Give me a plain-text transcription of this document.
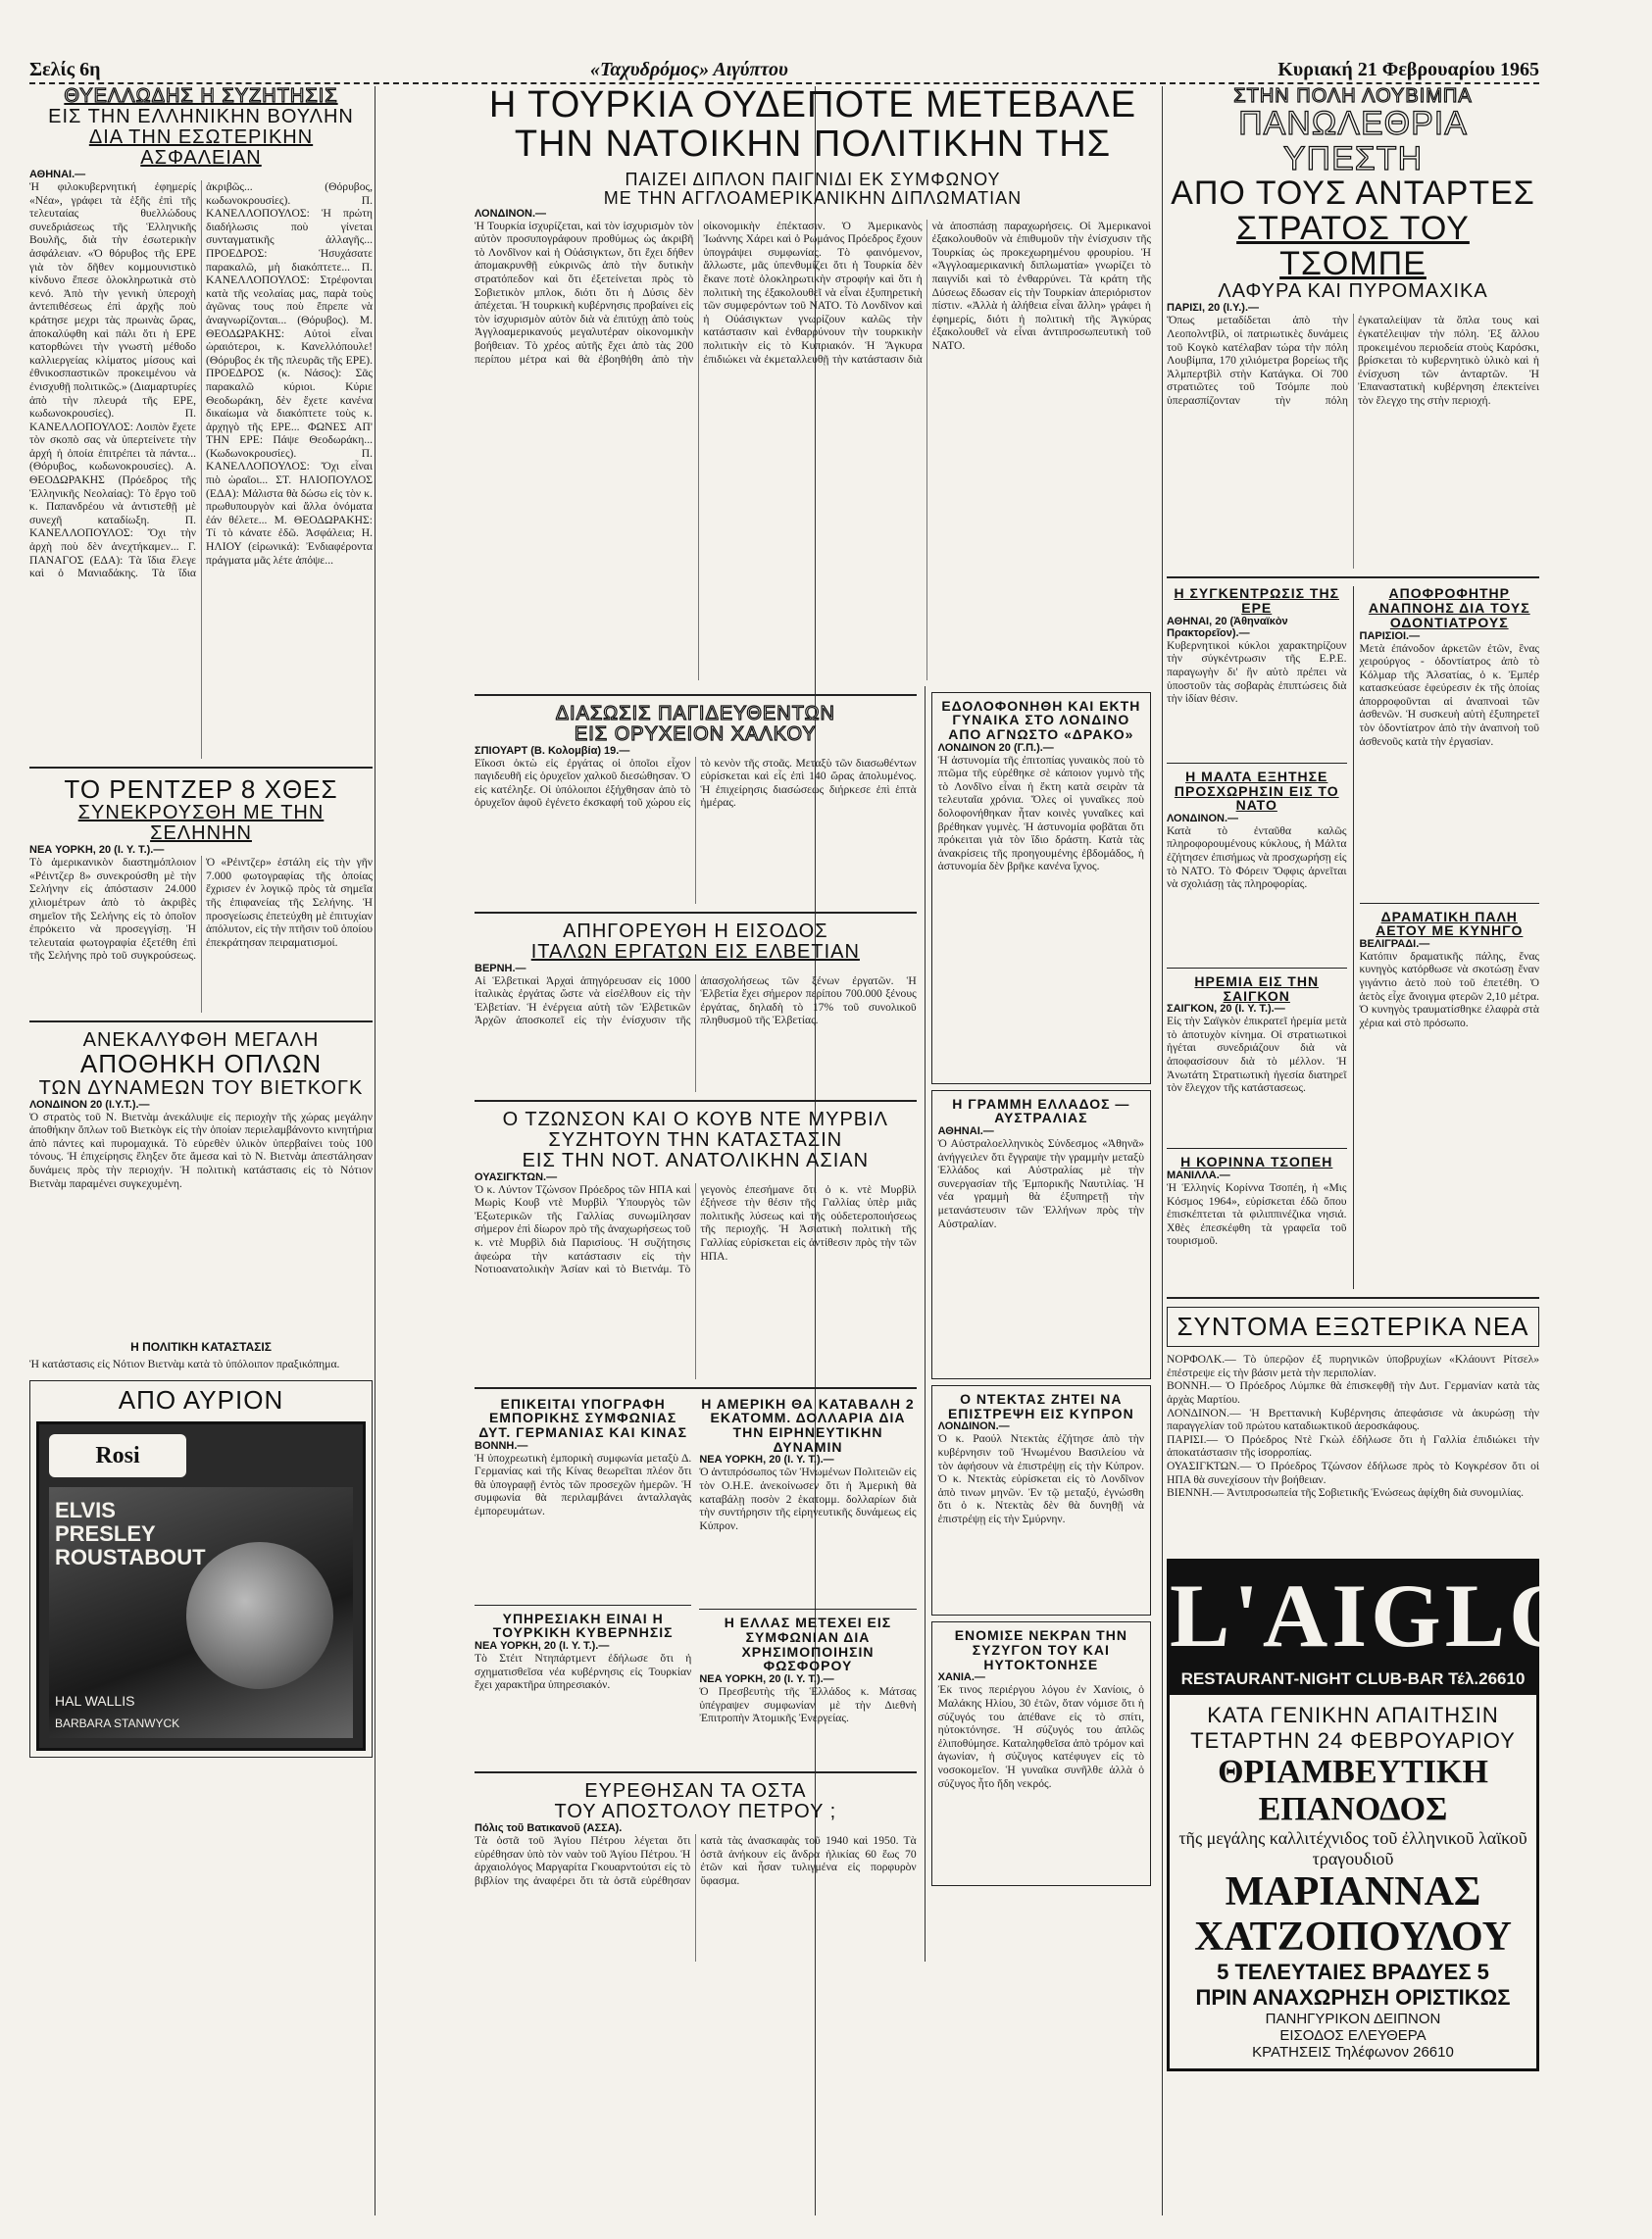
Σελίς 6η	«Ταχυδρόμος» Αιγύπτου	Κυριακή 21 Φεβρουαρίου 1965
ΘΥΕΛΛΩΔΗΣ Η ΣΥΖΗΤΗΣΙΣ
ΕΙΣ ΤΗΝ ΕΛΛΗΝΙΚΗΝ ΒΟΥΛΗΝ
ΔΙΑ ΤΗΝ ΕΣΩΤΕΡΙΚΗΝ ΑΣΦΑΛΕΙΑΝ
ΑΘΗΝΑΙ.—
Ἡ φιλοκυβερνητική ἐφημερίς «Νέα», γράφει τὰ ἑξῆς ἐπὶ τῆς τελευταίας θυελλώδους συνεδριάσεως τῆς Ἑλληνικῆς Βουλῆς, διὰ τὴν ἐσωτερικὴν ἀσφάλειαν. «Ὁ θόρυβος τῆς ΕΡΕ γιὰ τὸν δῆθεν κομμουνιστικὸ κίνδυνο ἔπεσε ὁλοκληρωτικὰ στὸ κενό. Ἀπὸ τὴν γενικὴ ὑπεροχὴ ἀντεπιθέσεως ἐπὶ ἀρχῆς ποὺ κράτησε μεχρι τὰς πρωινὰς ὥρας, ἀποκαλύφθη καὶ πάλι ὅτι ἡ ΕΡΕ κατορθώνει τὴν γνωστὴ μέθοδο καλλιεργείας κλίματος μίσους καὶ ἐθνικοσπαστικῶν προκειμένου νὰ ἐνισχυθῇ πολιτικῶς.» (Διαμαρτυρίες ἀπὸ τὴν πλευρά τῆς ΕΡΕ, κωδωνοκρουσίες). Π. ΚΑΝΕΛΛΟΠΟΥΛΟΣ: Λοιπὸν ἔχετε τὸν σκοπὸ σας νὰ ὑπερτείνετε τὴν ἀρχή ἡ ὁποία ἐπιτρέπει τὰ πάντα... (Θόρυβος, κωδωνοκρουσίες). Α. ΘΕΟΔΩΡΑΚΗΣ (Πρόεδρος τῆς Ἑλληνικῆς Νεολαίας): Τὸ ἔργο τοῦ κ. Παπανδρέου νὰ ἀντιστεθῇ μὲ συνεχῆ καταδίωξη. Π. ΚΑΝΕΛΛΟΠΟΥΛΟΣ: Ὄχι τὴν ἀρχὴ ποὺ δὲν ἀνεχτήκαμεν... Γ. ΠΑΝΑΓΟΣ (ΕΔΑ): Τὰ ἴδια ἔλεγε καὶ ὁ Μανιαδάκης. Τὰ ἴδια ἀκριβῶς... (Θόρυβος, κωδωνοκρουσίες). Π. ΚΑΝΕΛΛΟΠΟΥΛΟΣ: Ἡ πρώτη διαδήλωσις ποὺ γίνεται συνταγματικῆς ἀλλαγῆς... ΠΡΟΕΔΡΟΣ: Ἡσυχάσατε παρακαλῶ, μὴ διακόπτετε... Π. ΚΑΝΕΛΛΟΠΟΥΛΟΣ: Στρέφονται κατὰ τῆς νεολαίας μας, παρὰ τοὺς ἀγῶνας τους ποὺ ἔπρεπε νὰ ἀναγνωρίζονται... (Θόρυβος). Μ. ΘΕΟΔΩΡΑΚΗΣ: Αὐτοὶ εἶναι ὡραιότεροι, κ. Κανελλόπουλε! (Θόρυβος ἐκ τῆς πλευρᾶς τῆς ΕΡΕ). ΠΡΟΕΔΡΟΣ (κ. Νάσος): Σᾶς παρακαλῶ κύριοι. Κύριε Θεοδωράκη, δὲν ἔχετε κανένα δικαίωμα νὰ διακόπτετε τοὺς κ. ἀρχηγὸ τῆς ΕΡΕ... ΦΩΝΕΣ ΑΠ' ΤΗΝ ΕΡΕ: Πάψε Θεοδωράκη... (Κωδωνοκρουσίες). Π. ΚΑΝΕΛΛΟΠΟΥΛΟΣ: Ὄχι εἶναι πιὸ ὡραῖοι... ΣΤ. ΗΛΙΟΠΟΥΛΟΣ (ΕΔΑ): Μάλιστα θὰ δώσω εἰς τὸν κ. πρωθυπουργὸν καὶ ἄλλα ὀνόματα ἐάν θέλετε... Μ. ΘΕΟΔΩΡΑΚΗΣ: Τί τὸ κάνατε ἐδῶ. Ἀσφάλεια; Η. ΗΛΙΟΥ (εἰρωνικά): Ἐνδιαφέροντα πράγματα μᾶς λέτε ἀπόψε...
ΤΟ ΡΕΝΤΖΕΡ 8 ΧΘΕΣ
ΣΥΝΕΚΡΟΥΣΘΗ ΜΕ ΤΗΝ ΣΕΛΗΝΗΝ
ΝΕΑ ΥΟΡΚΗ, 20 (Ι. Υ. Τ.).—
Τὸ ἀμερικανικὸν διαστημόπλοιον «Ρέιντζερ 8» συνεκρούσθη μὲ τὴν Σελήνην εἰς ἀπόστασιν 24.000 χιλιομέτρων ἀπὸ τὸ ἀκριβὲς σημεῖον τῆς Σελήνης εἰς τὸ ὁποῖον ἐπρόκειτο νὰ προσεγγίσῃ. Ἡ τελευταία φωτογραφία ἐξετέθη ἐπὶ τῆς Σελήνης πρὸ τοῦ συγκρούσεως. Ὁ «Ρέιντζερ» ἐστάλη εἰς τὴν γῆν 7.000 φωτογραφίας τῆς ὁποίας ἔχρισεν ἐν λογικῷ πρὸς τὰ σημεῖα τῆς ἐπιφανείας τῆς Σελήνης. Ἡ προσγείωσις ἐπετεύχθη μὲ ἐπιτυχίαν ἀπόλυτον, εἰς τὴν πτῆσιν τοῦ ὁποίου ἐπεκράτησαν πειραματισμοί.
ΑΝΕΚΑΛΥΦΘΗ ΜΕΓΑΛΗ
ΑΠΟΘΗΚΗ ΟΠΛΩΝ
ΤΩΝ ΔΥΝΑΜΕΩΝ ΤΟΥ ΒΙΕΤΚΟΓΚ
ΛΟΝΔΙΝΟΝ 20 (Ι.Υ.Τ.).—
Ὁ στρατὸς τοῦ Ν. Βιετνὰμ ἀνεκάλυψε εἰς περιοχὴν τῆς χώρας μεγάλην ἀποθήκην ὅπλων τοῦ Βιετκὸγκ εἰς τὴν ὁποίαν περιελαμβάνοντο κινητήρια ἀπὸ πάντες καὶ πυρομαχικά. Τὸ εὑρεθὲν ὑλικὸν ὑπερβαίνει τοὺς 100 τόνους. Ἡ ἐπιχείρησις ἔληξεν ὅτε ἄμεσα καὶ τὸ Ν. Βιετνὰμ ἀπεστάλησαν δυνάμεις πρὸς τὴν περιοχήν. Ἡ πολιτικὴ κατάστασις εἰς τὸ Νότιον Βιετνὰμ παραμένει συγκεχυμένη.
Η ΠΟΛΙΤΙΚΗ ΚΑΤΑΣΤΑΣΙΣ
Ἡ κατάστασις εἰς Νότιον Βιετνὰμ κατὰ τὸ ὑπόλοιπον πραξικόπημα.
ΑΠΟ ΑΥΡΙΟΝ
Rosi
ELVIS
PRESLEY
ROUSTABOUT
HAL WALLIS
BARBARA STANWYCK
Η ΤΟΥΡΚΙΑ ΟΥΔΕΠΟΤΕ ΜΕΤΕΒΑΛΕ
ΤΗΝ ΝΑΤΟΙΚΗΝ ΠΟΛΙΤΙΚΗΝ ΤΗΣ
ΠΑΙΖΕΙ ΔΙΠΛΟΝ ΠΑΙΓΝΙΔΙ ΕΚ ΣΥΜΦΩΝΟΥ
ΜΕ ΤΗΝ ΑΓΓΛΟΑΜΕΡΙΚΑΝΙΚΗΝ ΔΙΠΛΩΜΑΤΙΑΝ
ΛΟΝΔΙΝΟΝ.—
Ἡ Τουρκία ἰσχυρίζεται, καὶ τὸν ἰσχυρισμὸν τὸν αὐτὸν προσυπογράφουν προθύμως ὡς ἀκριβῆ τὸ Λονδῖνον καὶ ἡ Οὐάσιγκτων, ὅτι ἔχει δήθεν ἀπομακρυνθῇ εὐκρινῶς ἀπὸ τὴν δυτικὴν στρατόπεδον καὶ ὅτι ἐξετείνεται πρὸς τὸ Σοβιετικὸν μπλοκ, διότι ὅτι ἡ Δύσις δὲν ἀπέχεται. Ἡ τουρκικὴ κυβέρνησις προβαίνει εἰς τὸν ἰσχυρισμὸν αὐτὸν διὰ νὰ ἐπιτύχῃ ἀπὸ τοὺς Ἀγγλοαμερικανούς μεγαλυτέραν οἰκονομικὴν βοήθειαν. Τὸ χρέος αὐτῆς ἔχει ἀπὸ τὰς 200 περίπου μέτρα καὶ θὰ ἐβοηθήθη ἀπὸ τὴν οἰκονομικὴν ἐπέκτασιν. Ὁ Ἀμερικανὸς Ἰωάννης Χάρει καὶ ὁ Ρωμάνος Πρόεδρος ἔχουν ὑπογράψει συμφωνίας. Τὸ φαινόμενον, ἄλλωστε, μᾶς ὑπενθυμίζει ὅτι ἡ Τουρκία δὲν ἔκανε ποτὲ ὁλοκληρωτικὴν στροφήν καὶ ὅτι ἡ πολιτικὴ της ἐξακολουθεῖ νὰ εἶναι ἐξυπηρετικὴ τῶν συμφερόντων τοῦ ΝΑΤΟ. Τὸ Λονδῖνον καὶ ἡ Οὐάσιγκτων γνωρίζουν καλῶς τὴν κατάστασιν καὶ ἐνθαρρύνουν τὴν τουρκικὴν πολιτικὴν εἰς τὸ Κυπριακόν. Ἡ Ἄγκυρα ἐπιδιώκει νὰ ἐκμεταλλευθῇ τὴν κατάστασιν διὰ νὰ ἀποσπάσῃ παραχωρήσεις. Οἱ Ἀμερικανοὶ ἐξακολουθοῦν νὰ ἐπιθυμοῦν τὴν ἐνίσχυσιν τῆς Τουρκίας ὡς προκεχωρημένου φρουρίου. Ἡ «Ἀγγλοαμερικανικὴ διπλωματία» γνωρίζει τὸ παιγνίδι καὶ τὸ ἐνθαρρύνει. Τὰ κράτη τῆς Δύσεως ἔδωσαν εἰς τὴν Τουρκίαν ἀπεριόριστον πίστιν. «Ἀλλὰ ἡ ἀλήθεια εἶναι ἄλλη» γράφει ἡ ἐφημερίς, διότι ἡ πολιτικὴ τῆς Ἀγκύρας ἐξακολουθεῖ νὰ εἶναι ἀντιπροσωπευτικὴ τοῦ ΝΑΤΟ.
ΔΙΑΣΩΣΙΣ ΠΑΓΙΔΕΥΘΕΝΤΩΝ
ΕΙΣ ΟΡΥΧΕΙΟΝ ΧΑΛΚΟΥ
ΣΠΙΟΥΑΡΤ (Β. Κολομβία) 19.—
Εἴκοσι ὀκτὼ εἰς ἐργάτας οἱ ὁποῖοι εἶχον παγιδευθῆ εἰς ὀρυχεῖον χαλκοῦ διεσώθησαν. Ὁ εἰς κατέληξε. Οἱ ὑπόλοιποι ἐξήχθησαν ἀπὸ τὸ ὀρυχεῖον ἀφοῦ ἐγένετο ἐκσκαφή τοῦ χώρου εἰς τὸ κενὸν τῆς στοᾶς. Μεταξὺ τῶν διασωθέντων εὑρίσκεται καὶ εἷς ἐπὶ 140 ὥρας ἀπολυμένος. Ἡ ἐπιχείρησις διασώσεως διήρκεσε ἐπὶ ἑπτὰ ἡμέρας.
ΑΠΗΓΟΡΕΥΘΗ Η ΕΙΣΟΔΟΣ
ΙΤΑΛΩΝ ΕΡΓΑΤΩΝ ΕΙΣ ΕΛΒΕΤΙΑΝ
ΒΕΡΝΗ.—
Αἱ Ἑλβετικαὶ Ἀρχαὶ ἀπηγόρευσαν εἰς 1000 ἰταλικὰς ἐργάτας ὥστε νὰ εἰσέλθουν εἰς τὴν Ἑλβετίαν. Ἡ ἐνέργεια αὐτὴ τῶν Ἑλβετικῶν Ἀρχῶν ἀποσκοπεῖ εἰς τὴν ἐνίσχυσιν τῆς ἀπασχολήσεως τῶν ξένων ἐργατῶν. Ἡ Ἑλβετία ἔχει σήμερον περίπου 700.000 ξένους ἐργάτας, δηλαδὴ τὸ 17% τοῦ συνολικοῦ πληθυσμοῦ τῆς Ἑλβετίας.
Ο ΤΖΩΝΣΟΝ ΚΑΙ Ο ΚΟΥΒ ΝΤΕ ΜΥΡΒΙΛ
ΣΥΖΗΤΟΥΝ ΤΗΝ ΚΑΤΑΣΤΑΣΙΝ
ΕΙΣ ΤΗΝ ΝΟΤ. ΑΝΑΤΟΛΙΚΗΝ ΑΣΙΑΝ
ΟΥΑΣΙΓΚΤΩΝ.—
Ὁ κ. Λύντον Τζώνσον Πρόεδρος τῶν ΗΠΑ καὶ Μωρὶς Κουβ ντὲ Μυρβὶλ Ὑπουργὸς τῶν Ἐξωτερικῶν τῆς Γαλλίας συνωμίλησαν σήμερον ἐπὶ δίωρον πρὸ τῆς ἀναχωρήσεως τοῦ κ. ντὲ Μυρβὶλ διὰ Παρισίους. Ἡ συζήτησις ἀφεώρα τὴν κατάστασιν εἰς τὴν Νοτιοανατολικὴν Ἀσίαν καὶ τὸ Βιετνάμ. Τὸ γεγονὸς ἐπεσήμανε ὅτι ὁ κ. ντὲ Μυρβὶλ ἐξήνεσε τὴν θέσιν τῆς Γαλλίας ὑπὲρ μιᾶς πολιτικῆς λύσεως καὶ τῆς οὐδετεροποιήσεως τῆς περιοχῆς. Ἡ Ἀσιατικὴ πολιτικὴ τῆς Γαλλίας εὑρίσκεται εἰς ἀντίθεσιν πρὸς τὴν τῶν ΗΠΑ.
ΕΠΙΚΕΙΤΑΙ ΥΠΟΓΡΑΦΗ ΕΜΠΟΡΙΚΗΣ ΣΥΜΦΩΝΙΑΣ ΔΥΤ. ΓΕΡΜΑΝΙΑΣ ΚΑΙ ΚΙΝΑΣ
ΒΟΝΝΗ.—
Ἡ ὑποχρεωτικὴ ἐμπορικὴ συμφωνία μεταξὺ Δ. Γερμανίας καὶ τῆς Κίνας θεωρεῖται πλέον ὅτι θὰ ὑπογραφῇ ἐντὸς τῶν προσεχῶν ἡμερῶν. Ἡ συμφωνία θὰ περιλαμβάνει ἀνταλλαγὰς ἐμπορευμάτων.
ΥΠΗΡΕΣΙΑΚΗ ΕΙΝΑΙ Η ΤΟΥΡΚΙΚΗ ΚΥΒΕΡΝΗΣΙΣ
ΝΕΑ ΥΟΡΚΗ, 20 (Ι. Υ. Τ.).—
Τὸ Στέιτ Ντηπάρτμεντ ἐδήλωσε ὅτι ἡ σχηματισθεῖσα νέα κυβέρνησις εἰς Τουρκίαν ἔχει χαρακτῆρα ὑπηρεσιακόν.
Η ΑΜΕΡΙΚΗ ΘΑ ΚΑΤΑΒΑΛΗ 2 ΕΚΑΤΟΜΜ. ΔΟΛΛΑΡΙΑ ΔΙΑ ΤΗΝ ΕΙΡΗΝΕΥΤΙΚΗΝ ΔΥΝΑΜΙΝ
ΝΕΑ ΥΟΡΚΗ, 20 (Ι. Υ. Τ.).—
Ὁ ἀντιπρόσωπος τῶν Ἡνωμένων Πολιτειῶν εἰς τὸν Ο.Η.Ε. ἀνεκοίνωσεν ὅτι ἡ Ἀμερικὴ θὰ καταβάλῃ ποσὸν 2 ἑκατομμ. δολλαρίων διὰ τὴν συντήρησιν τῆς εἰρηνευτικῆς δυνάμεως εἰς Κύπρον.
Η ΕΛΛΑΣ ΜΕΤΕΧΕΙ ΕΙΣ ΣΥΜΦΩΝΙΑΝ ΔΙΑ ΧΡΗΣΙΜΟΠΟΙΗΣΙΝ ΦΩΣΦΟΡΟΥ
ΝΕΑ ΥΟΡΚΗ, 20 (Ι. Υ. Τ.).—
Ὁ Πρεσβευτὴς τῆς Ἑλλάδος κ. Μάτσας ὑπέγραψεν συμφωνίαν μὲ τὴν Διεθνὴ Ἐπιτροπὴν Ἀτομικῆς Ἐνεργείας.
ΕΥΡΕΘΗΣΑΝ ΤΑ ΟΣΤΑ
ΤΟΥ ΑΠΟΣΤΟΛΟΥ ΠΕΤΡΟΥ ;
Πόλις τοῦ Βατικανοῦ (ΑΣΣΑ).
Τὰ ὀστᾶ τοῦ Ἁγίου Πέτρου λέγεται ὅτι εὑρέθησαν ὑπὸ τὸν ναὸν τοῦ Ἁγίου Πέτρου. Ἡ ἀρχαιολόγος Μαργαρίτα Γκουαρντούτσι εἰς τὸ βιβλίον της ἀναφέρει ὅτι τὰ ὀστᾶ εὑρέθησαν κατὰ τὰς ἀνασκαφὰς τοῦ 1940 καὶ 1950. Τὰ ὀστᾶ ἀνήκουν εἰς ἄνδρα ἡλικίας 60 ἕως 70 ἐτῶν καὶ ἦσαν τυλιγμένα εἰς πορφυρὸν ὕφασμα.
ΕΔΟΛΟΦΟΝΗΘΗ ΚΑΙ ΕΚΤΗ ΓΥΝΑΙΚΑ ΣΤΟ ΛΟΝΔΙΝΟ ΑΠΟ ΑΓΝΩΣΤΟ «ΔΡΑΚΟ»
ΛΟΝΔΙΝΟΝ 20 (Γ.Π.).—
Ἡ ἀστυνομία τῆς ἐπιτοπίας γυναικὸς ποὺ τὸ πτῶμα τῆς εὑρέθηκε σὲ κάποιον γυμνὸ τῆς τὸ Λονδῖνο εἶναι ἡ ἕκτη κατὰ σειρὰν τὰ τελευταῖα χρόνια. Ὅλες οἱ γυναῖκες ποὺ δολοφονήθηκαν ἦταν κοινὲς γυναῖκες καὶ βρέθηκαν γυμνὲς. Ἡ ἀστυνομία φοβᾶται ὅτι πρόκειται γιὰ τὸν ἴδιο δράστη. Κατὰ τὰς ἀνακρίσεις τῆς προηγουμένης ἑβδομάδος, ἡ ἀστυνομία δὲν βρῆκε κανένα ἴχνος.
Η ΓΡΑΜΜΗ ΕΛΛΑΔΟΣ — ΑΥΣΤΡΑΛΙΑΣ
ΑΘΗΝΑΙ.—
Ὁ Αὐστραλοελληνικὸς Σύνδεσμος «Ἀθηνᾶ» ἀνήγγειλεν ὅτι ἔγγραψε τὴν γραμμὴν μεταξὺ Ἑλλάδος καὶ Αὐστραλίας μὲ τὴν συνεργασίαν τῆς Ἐμπορικῆς Ναυτιλίας. Ἡ νέα γραμμὴ θὰ ἐξυπηρετῇ τὴν μετανάστευσιν τῶν Ἑλλήνων πρὸς τὴν Αὐστραλίαν.
Ο ΝΤΕΚΤΑΣ ΖΗΤΕΙ ΝΑ ΕΠΙΣΤΡΕΨΗ ΕΙΣ ΚΥΠΡΟΝ
ΛΟΝΔΙΝΟΝ.—
Ὁ κ. Ραούλ Ντεκτὰς ἐζήτησε ἀπὸ τὴν κυβέρνησιν τοῦ Ἡνωμένου Βασιλείου νὰ τὸν ἀφήσουν νὰ ἐπιστρέψῃ εἰς τὴν Κύπρον. Ὁ κ. Ντεκτὰς εὑρίσκεται εἰς τὸ Λονδῖνον ἀπὸ τινων μηνῶν. Ἐν τῷ μεταξύ, ἐγνώσθη ὅτι ὁ κ. Ντεκτὰς δὲν θὰ δυνηθῇ νὰ ἐπιστρέψῃ εἰς τὴν Σμύρνην.
ΕΝΟΜΙΣΕ ΝΕΚΡΑΝ ΤΗΝ ΣΥΖΥΓΟΝ ΤΟΥ ΚΑΙ ΗΥΤΟΚΤΟΝΗΣΕ
ΧΑΝΙΑ.—
Ἐκ τινος περιέργου λόγου ἐν Χανίοις, ὁ Μαλάκης Ηλίου, 30 ἐτῶν, ὅταν νόμισε ὅτι ἡ σύζυγός του ἀπέθανε εἰς τὸ σπίτι, ηὐτοκτόνησε. Ἡ σύζυγός του ἀπλῶς ἐλιποθύμησε. Καταληφθεῖσα ἀπὸ τρόμον καὶ ἀγωνίαν, ἡ σύζυγος κατέφυγεν εἰς τὸ νοσοκομεῖον. Ἡ γυναῖκα συνῆλθε ἀλλὰ ὁ σύζυγος ἦτο ἤδη νεκρός.
ΣΤΗΝ ΠΟΛΗ ΛΟΥΒΙΜΠΑ
ΠΑΝΩΛΕΘΡΙΑ ΥΠΕΣΤΗ
ΑΠΟ ΤΟΥΣ ΑΝΤΑΡΤΕΣ
ΣΤΡΑΤΟΣ ΤΟΥ ΤΣΟΜΠΕ
ΛΑΦΥΡΑ ΚΑΙ ΠΥΡΟΜΑΧΙΚΑ
ΠΑΡΙΣΙ, 20 (Ι.Υ.).—
Ὅπως μεταδίδεται ἀπὸ τὴν Λεοπολντβίλ, οἱ πατριωτικὲς δυνάμεις τοῦ Κογκὸ κατέλαβαν τώρα τὴν πόλη Λουβίμπα, 170 χιλιόμετρα βορείως τῆς Ἀλμπερτβὶλ στὴν Κατάγκα. Οἱ 700 στρατιῶτες τοῦ Τσόμπε ποὺ ὑπερασπίζονταν τὴν πόλη ἐγκαταλείψαν τὰ ὅπλα τους καὶ ἐγκατέλειψαν τὴν πόλη. Ἐξ ἄλλου προκειμένου περιοδεία στοὺς Καρόσκι, βρίσκεται τὸ κυβερνητικὸ ὑλικὸ καὶ ἡ ἐνίσχυση τῶν ἀνταρτῶν. Ἡ Ἐπαναστατικὴ κυβέρνηση ἐπεκτείνει τὸν ἔλεγχο της στὴν περιοχή.
Η ΣΥΓΚΕΝΤΡΩΣΙΣ ΤΗΣ ΕΡΕ
ΑΘΗΝΑΙ, 20 (Ἀθηναϊκὸν Πρακτορεῖον).—
Κυβερνητικοὶ κύκλοι χαρακτηρίζουν τὴν σύγκέντρωσιν τῆς Ε.Ρ.Ε. παραγωγὴν δι' ἣν αὐτὸ πρέπει νὰ ὑποστοῦν τὰς σοβαρὰς ἐπιπτώσεις διὰ τὴν ἰδίαν θέσιν.
Η ΜΑΛΤΑ ΕΞΗΤΗΣΕ ΠΡΟΣΧΩΡΗΣΙΝ ΕΙΣ ΤΟ ΝΑΤΟ
ΛΟΝΔΙΝΟΝ.—
Κατὰ τὸ ἐνταῦθα καλῶς πληροφορουμένους κύκλους, ἡ Μάλτα ἐζήτησεν ἐπισήμως νὰ προσχωρήσῃ εἰς τὸ ΝΑΤΟ. Τὸ Φόρειν Ὄφφις ἀρνεῖται νὰ σχολιάσῃ τὰς πληροφορίας.
ΗΡΕΜΙΑ ΕΙΣ ΤΗΝ ΣΑΙΓΚΟΝ
ΣΑΙΓΚΟΝ, 20 (Ι. Υ. Τ.).—
Εἰς τὴν Σαϊγκὸν ἐπικρατεῖ ἠρεμία μετὰ τὸ ἀποτυχὸν κίνημα. Οἱ στρατιωτικοὶ ἡγέται συνεδριάζουν διὰ νὰ ἀποφασίσουν διὰ τὸ μέλλον. Ἡ Ἀνωτάτη Στρατιωτικὴ ἡγεσία διατηρεῖ τὸν ἔλεγχον τῆς κατάστασεως.
Η ΚΟΡΙΝΝΑ ΤΣΟΠΕΗ
ΜΑΝΙΛΛΑ.—
Ἡ Ἑλληνίς Κορίννα Τσοπέη, ἡ «Μις Κόσμος 1964», εὑρίσκεται ἐδῶ ὅπου ἐπισκέπτεται τὰ φιλιππινέζικα νησιά. Χθὲς ἐπεσκέφθη τὰ γραφεῖα τοῦ τουρισμοῦ.
ΑΠΟΦΡΟΦΗΤΗΡ ΑΝΑΠΝΟΗΣ ΔΙΑ ΤΟΥΣ ΟΔΟΝΤΙΑΤΡΟΥΣ
ΠΑΡΙΣΙΟΙ.—
Μετὰ ἐπάνοδον ἀρκετῶν ἐτῶν, ἓνας χειρούργος - ὀδοντίατρος ἀπὸ τὸ Κόλμαρ τῆς Ἀλσατίας, ὁ κ. Ἐμπέρ κατασκεύασε ἐφεύρεσιν ἐκ τῆς ὁποίας ἀπορροφοῦνται αἱ ἀναπνοαὶ τῶν ἀσθενῶν. Ἡ συσκευὴ αὐτὴ ἐξυπηρετεῖ τὸν ὀδοντίατρον ἀπὸ τὴν ἀναπνοὴ τοῦ ἀσθενοῦς κατὰ τὴν ἐργασίαν.
ΔΡΑΜΑΤΙΚΗ ΠΑΛΗ ΑΕΤΟΥ ΜΕ ΚΥΝΗΓΟ
ΒΕΛΙΓΡΑΔΙ.—
Κατόπιν δραματικῆς πάλης, ἕνας κυνηγὸς κατόρθωσε νὰ σκοτώσῃ ἕναν γιγάντιο ἀετὸ ποὺ τοῦ ἐπετέθη. Ὁ ἀετὸς εἶχε ἄνοιγμα φτερῶν 2,10 μέτρα. Ὁ κυνηγὸς τραυματίσθηκε ἐλαφρὰ στὰ χέρια καὶ στὸ πρόσωπο.
ΣΥΝΤΟΜΑ ΕΞΩΤΕΡΙΚΑ ΝΕΑ
ΝΟΡΦΟΛΚ.— Τὸ ὑπερῷον ἐξ πυρηνικῶν ὑποβρυχίων «Κλάουντ Ρίτσελ» ἐπέστρεψε εἰς τὴν βάσιν μετὰ τὴν περιπολίαν.
ΒΟΝΝΗ.— Ὁ Πρόεδρος Λύμπκε θὰ ἐπισκεφθῇ τὴν Δυτ. Γερμανίαν κατὰ τὰς ἀρχὰς Μαρτίου.
ΛΟΝΔΙΝΟΝ.— Ἡ Βρεττανικὴ Κυβέρνησις ἀπεφάσισε νὰ ἀκυρώσῃ τὴν παραγγελίαν τοῦ πρώτου καταδιωκτικοῦ ἀεροσκάφους.
ΠΑΡΙΣΙ.— Ὁ Πρόεδρος Ντὲ Γκὼλ ἐδήλωσε ὅτι ἡ Γαλλία ἐπιδιώκει τὴν ἀποκατάστασιν τῆς ἰσορροπίας.
ΟΥΑΣΙΓΚΤΩΝ.— Ὁ Πρόεδρος Τζώνσον ἐδήλωσε πρὸς τὸ Κογκρέσον ὅτι οἱ ΗΠΑ θὰ συνεχίσουν τὴν βοήθειαν.
ΒΙΕΝΝΗ.— Ἀντιπροσωπεία τῆς Σοβιετικῆς Ἑνώσεως ἀφίχθη διὰ συνομιλίας.
L'AIGLON
RESTAURANT-NIGHT CLUB-BAR Τέλ.26610
ΚΑΤΑ ΓΕΝΙΚΗΝ ΑΠΑΙΤΗΣΙΝ
ΤΕΤΑΡΤΗΝ 24 ΦΕΒΡΟΥΑΡΙΟΥ
ΘΡΙΑΜΒΕΥΤΙΚΗ
ΕΠΑΝΟΔΟΣ
τῆς μεγάλης καλλιτέχνιδος τοῦ ἐλληνικοῦ λαϊκοῦ τραγουδιοῦ
ΜΑΡΙΑΝΝΑΣ
ΧΑΤΖΟΠΟΥΛΟΥ
5 ΤΕΛΕΥΤΑΙΕΣ ΒΡΑΔΥΕΣ 5
ΠΡΙΝ ΑΝΑΧΩΡΗΣΗ ΟΡΙΣΤΙΚΩΣ
ΠΑΝΗΓΥΡΙΚΟΝ ΔΕΙΠΝΟΝ
ΕΙΣΟΔΟΣ ΕΛΕΥΘΕΡΑ
ΚΡΑΤΗΣΕΙΣ Τηλέφωνον 26610
